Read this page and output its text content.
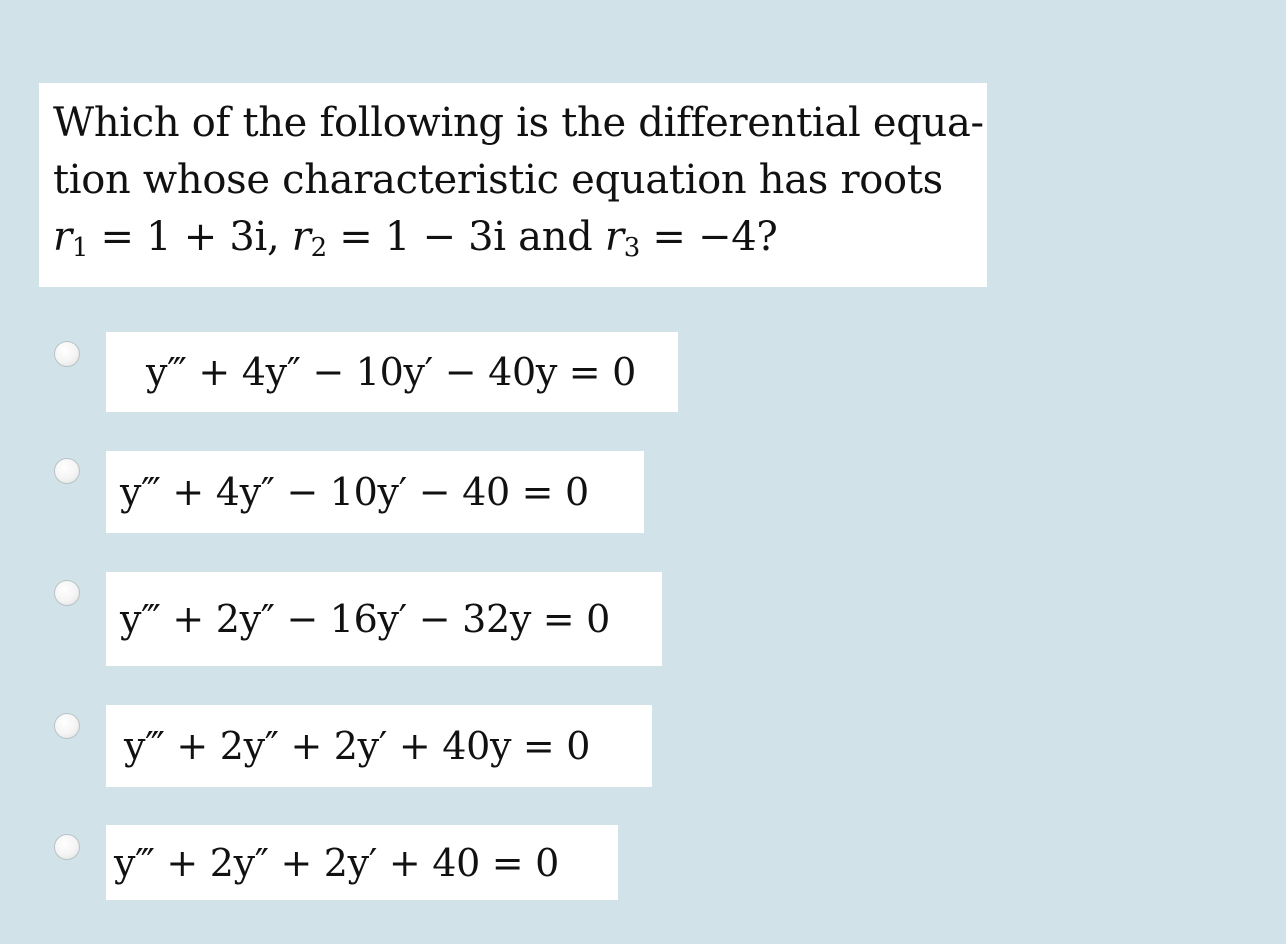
Which of the following is the differential equa-
tion whose characteristic equation has roots
$r_1 = 1 + 3i$, $r_2 = 1 - 3i$ and $r_3 = -4$?
y‴ + 4y″ − 10y′ − 40y = 0
y‴ + 4y″ − 10y′ − 40 = 0
y‴ + 2y″ − 16y′ − 32y = 0
y‴ + 2y″ + 2y′ + 40y = 0
y‴ + 2y″ + 2y′ + 40 = 0
